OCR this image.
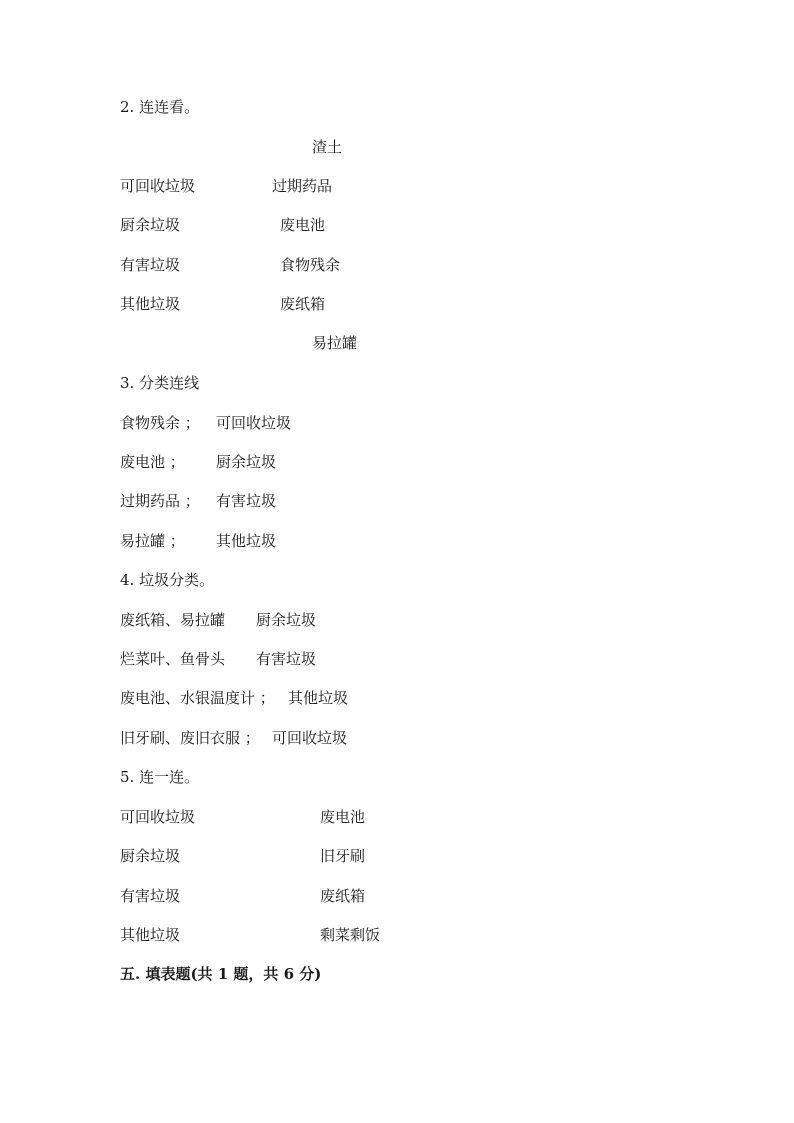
2. 连连看。
渣土
可回收垃圾	过期药品
厨余垃圾	废电池
有害垃圾	食物残余
其他垃圾	废纸箱
易拉罐
3. 分类连线
食物残余 ； 可回收垃圾
废电池 ； 厨余垃圾
过期药品 ； 有害垃圾
易拉罐 ； 其他垃圾
4. 垃圾分类。
废纸箱、易拉罐 厨余垃圾
烂菜叶、鱼骨头 有害垃圾
废电池、水银温度计 ； 其他垃圾
旧牙刷、废旧衣服 ； 可回收垃圾
5. 连一连。
可回收垃圾	废电池
厨余垃圾	旧牙刷
有害垃圾	废纸箱
其他垃圾	剩菜剩饭
五. 填表题(共 1 题，共 6 分)
